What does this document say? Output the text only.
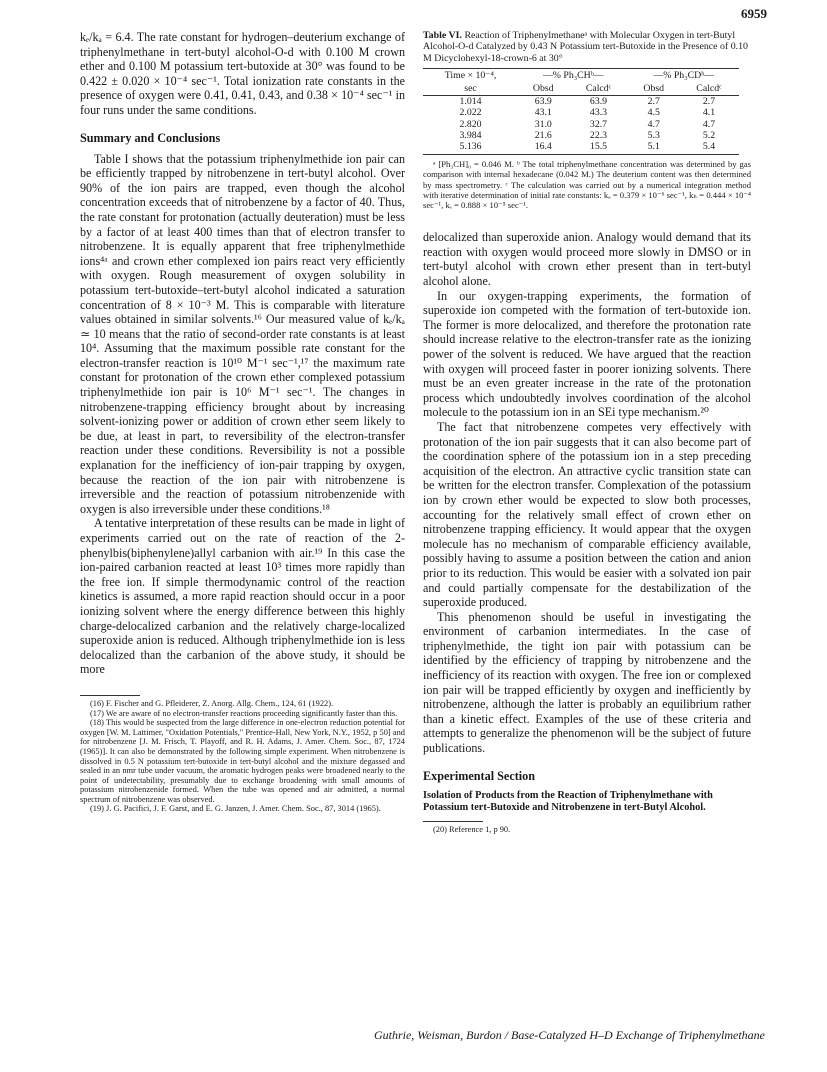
6959

kₑ/kₐ = 6.4. The rate constant for hydrogen–deuterium exchange of triphenylmethane in tert-butyl alcohol-O-d with 0.100 M crown ether and 0.100 M potassium tert-butoxide at 30° was found to be 0.422 ± 0.020 × 10⁻⁴ sec⁻¹. Total ionization rate constants in the presence of oxygen were 0.41, 0.41, 0.43, and 0.38 × 10⁻⁴ sec⁻¹ in four runs under the same conditions.

Summary and Conclusions

Table I shows that the potassium triphenylmethide ion pair can be efficiently trapped by nitrobenzene in tert-butyl alcohol. Over 90% of the ion pairs are trapped, even though the alcohol concentration exceeds that of nitrobenzene by a factor of 40. Thus, the rate constant for protonation (actually deuteration) must be less by a factor of at least 400 times than that of electron transfer to nitrobenzene. It is equally apparent that free triphenylmethide ions⁴ᵃ and crown ether complexed ion pairs react very efficiently with oxygen. Rough measurement of oxygen solubility in potassium tert-butoxide–tert-butyl alcohol indicated a saturation concentration of 8 × 10⁻³ M. This is comparable with literature values obtained in similar solvents.¹⁶ Our measured value of kₑ/kₐ ≃ 10 means that the ratio of second-order rate constants is at least 10⁴. Assuming that the maximum possible rate constant for the electron-transfer reaction is 10¹⁰ M⁻¹ sec⁻¹,¹⁷ the maximum rate constant for protonation of the crown ether complexed potassium triphenylmethide ion pair is 10⁶ M⁻¹ sec⁻¹. The changes in nitrobenzene-trapping efficiency brought about by increasing solvent-ionizing power or addition of crown ether seem likely to be due, at least in part, to reversibility of the electron-transfer reaction under these conditions. Reversibility is not a possible explanation for the inefficiency of ion-pair trapping by oxygen, because the reaction of the ion pair with nitrobenzene is irreversible and the reaction of potassium nitrobenzenide with oxygen is also irreversible under these conditions.¹⁸

A tentative interpretation of these results can be made in light of experiments carried out on the rate of reaction of the 2-phenylbis(biphenylene)allyl carbanion with air.¹⁹ In this case the ion-paired carbanion reacted at least 10³ times more rapidly than the free ion. If simple thermodynamic control of the reaction kinetics is assumed, a more rapid reaction should occur in a poor ionizing solvent where the energy difference between this highly charge-delocalized carbanion and the relatively charge-localized superoxide anion is reduced. Although triphenylmethide ion is less delocalized than the carbanion of the above study, it should be more

(16) F. Fischer and G. Pfleiderer, Z. Anorg. Allg. Chem., 124, 61 (1922).

(17) We are aware of no electron-transfer reactions proceeding significantly faster than this.

(18) This would be suspected from the large difference in one-electron reduction potential for oxygen [W. M. Lattimer, "Oxidation Potentials," Prentice-Hall, New York, N.Y., 1952, p 50] and for nitrobenzene [J. M. Frisch, T. Playoff, and R. H. Adams, J. Amer. Chem. Soc., 87, 1724 (1965)]. It can also be demonstrated by the following simple experiment. When nitrobenzene is dissolved in 0.5 N potassium tert-butoxide in tert-butyl alcohol and the mixture degassed and sealed in an nmr tube under vacuum, the aromatic hydrogen peaks were broadened nearly to the point of undetectability, presumably due to exchange broadening with small amounts of potassium nitrobenzenide formed. When the tube was opened and air admitted, a normal spectrum of nitrobenzene was observed.

(19) J. G. Pacifici, J. F. Garst, and E. G. Janzen, J. Amer. Chem. Soc., 87, 3014 (1965).

Table VI. Reaction of Triphenylmethaneᵃ with Molecular Oxygen in tert-Butyl Alcohol-O-d Catalyzed by 0.43 N Potassium tert-Butoxide in the Presence of 0.10 M Dicyclohexyl-18-crown-6 at 30°
Time × 10⁻⁴,	—% Ph₃CHᵇ—		—% Ph₃CDᵇ—	
sec	Obsd	Calcdᶜ	Obsd	Calcdᶜ
1.014	63.9	63.9	2.7	2.7
2.022	43.1	43.3	4.5	4.1
2.820	31.0	32.7	4.7	4.7
3.984	21.6	22.3	5.3	5.2
5.136	16.4	15.5	5.1	5.4

ᵃ [Ph₃CH]₀ = 0.046 M. ᵇ The total triphenylmethane concentration was determined by gas comparison with internal hexadecane (0.042 M.) The deuterium content was then determined by mass spectrometry. ᶜ The calculation was carried out by a numerical integration method with iterative determination of initial rate constants: kₐ = 0.379 × 10⁻⁶ sec⁻¹, kₕ = 0.444 × 10⁻⁴ sec⁻¹, kₑ = 0.888 × 10⁻⁵ sec⁻¹.

delocalized than superoxide anion. Analogy would demand that its reaction with oxygen would proceed more slowly in DMSO or in tert-butyl alcohol with crown ether present than in tert-butyl alcohol alone.

In our oxygen-trapping experiments, the formation of superoxide ion competed with the formation of tert-butoxide ion. The former is more delocalized, and therefore the protonation rate should increase relative to the electron-transfer rate as the ionizing power of the solvent is reduced. We have argued that the reaction with oxygen will proceed faster in poorer ionizing solvents. There must be an even greater increase in the rate of the protonation process which undoubtedly involves coordination of the alcohol molecule to the potassium ion in an SEi type mechanism.²⁰

The fact that nitrobenzene competes very effectively with protonation of the ion pair suggests that it can also become part of the coordination sphere of the potassium ion in a step preceding acquisition of the electron. An attractive cyclic transition state can be written for the electron transfer. Complexation of the potassium ion by crown ether would be expected to slow both processes, accounting for the relatively small effect of crown ether on nitrobenzene trapping efficiency. It would appear that the oxygen molecule has no mechanism of comparable efficiency available, possibly having to assume a position between the cation and anion prior to its reduction. This would be easier with a solvated ion pair and could partially compensate for the destabilization of the superoxide produced.

This phenomenon should be useful in investigating the environment of carbanion intermediates. In the case of triphenylmethide, the tight ion pair with potassium can be identified by the efficiency of trapping by nitrobenzene and the inefficiency of its reaction with oxygen. The free ion or complexed ion pair will be trapped efficiently by oxygen and inefficiently by nitrobenzene, although the latter is probably an equilibrium rather than a kinetic effect. Examples of the use of these criteria and attempts to generalize the phenomenon will be the subject of future publications.

Experimental Section
Isolation of Products from the Reaction of Triphenylmethane with Potassium tert-Butoxide and Nitrobenzene in tert-Butyl Alcohol.

(20) Reference 1, p 90.

Guthrie, Weisman, Burdon / Base-Catalyzed H–D Exchange of Triphenylmethane
